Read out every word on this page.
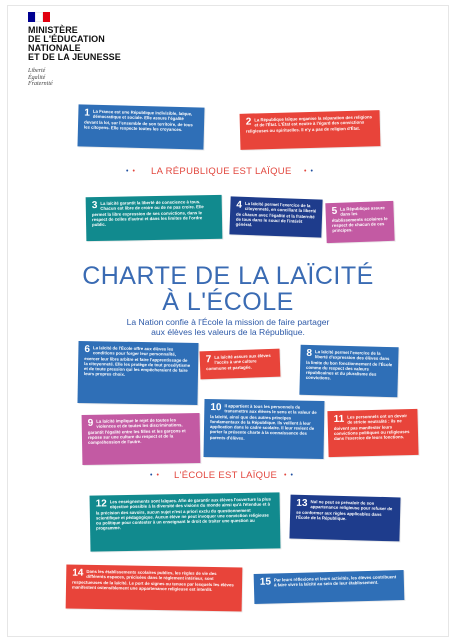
MINISTÈRE
DE L'ÉDUCATION
NATIONALE
ET DE LA JEUNESSE
Liberté
Égalité
Fraternité
1 La France est une République indivisible, laïque, démocratique et sociale. Elle assure l'égalité devant la loi, sur l'ensemble de son territoire, de tous les citoyens. Elle respecte toutes les croyances.
2 La République laïque organise la séparation des religions et de l'État. L'État est neutre à l'égard des convictions religieuses ou spirituelles. Il n'y a pas de religion d'État.
•• LA RÉPUBLIQUE EST LAÏQUE ••
3 La laïcité garantit la liberté de conscience à tous. Chacun est libre de croire ou de ne pas croire. Elle permet la libre expression de ses convictions, dans le respect de celles d'autrui et dans les limites de l'ordre public.
4 La laïcité permet l'exercice de la citoyenneté, en conciliant la liberté de chacun avec l'égalité et la fraternité de tous dans le souci de l'intérêt général.
5 La République assure dans les établissements scolaires le respect de chacun de ces principes.
CHARTE DE LA LAÏCITÉ
À L'ÉCOLE
La Nation confie à l'École la mission de faire partager
aux élèves les valeurs de la République.
6 La laïcité de l'École offre aux élèves les conditions pour forger leur personnalité, exercer leur libre arbitre et faire l'apprentissage de la citoyenneté. Elle les protège de tout prosélytisme et de toute pression qui les empêcheraient de faire leurs propres choix.
7 La laïcité assure aux élèves l'accès à une culture commune et partagée.
8 La laïcité permet l'exercice de la liberté d'expression des élèves dans la limite du bon fonctionnement de l'École comme du respect des valeurs républicaines et du pluralisme des convictions.
9 La laïcité implique le rejet de toutes les violences et de toutes les discriminations, garantit l'égalité entre les filles et les garçons et repose sur une culture du respect et de la compréhension de l'autre.
10 Il appartient à tous les personnels de transmettre aux élèves le sens et la valeur de la laïcité, ainsi que des autres principes fondamentaux de la République. Ils veillent à leur application dans le cadre scolaire. Il leur revient de porter la présente charte à la connaissance des parents d'élèves.
11 Les personnels ont un devoir de stricte neutralité : ils ne doivent pas manifester leurs convictions politiques ou religieuses dans l'exercice de leurs fonctions.
•• L'ÉCOLE EST LAÏQUE ••
12 Les enseignements sont laïques. Afin de garantir aux élèves l'ouverture la plus objective possible à la diversité des visions du monde ainsi qu'à l'étendue et à la précision des savoirs, aucun sujet n'est a priori exclu du questionnement scientifique et pédagogique. Aucun élève ne peut invoquer une conviction religieuse ou politique pour contester à un enseignant le droit de traiter une question au programme.
13 Nul ne peut se prévaloir de son appartenance religieuse pour refuser de se conformer aux règles applicables dans l'École de la République.
14 Dans les établissements scolaires publics, les règles de vie des différents espaces, précisées dans le règlement intérieur, sont respectueuses de la laïcité. Le port de signes ou tenues par lesquels les élèves manifestent ostensiblement une appartenance religieuse est interdit.
15 Par leurs réflexions et leurs activités, les élèves contribuent à faire vivre la laïcité au sein de leur établissement.
